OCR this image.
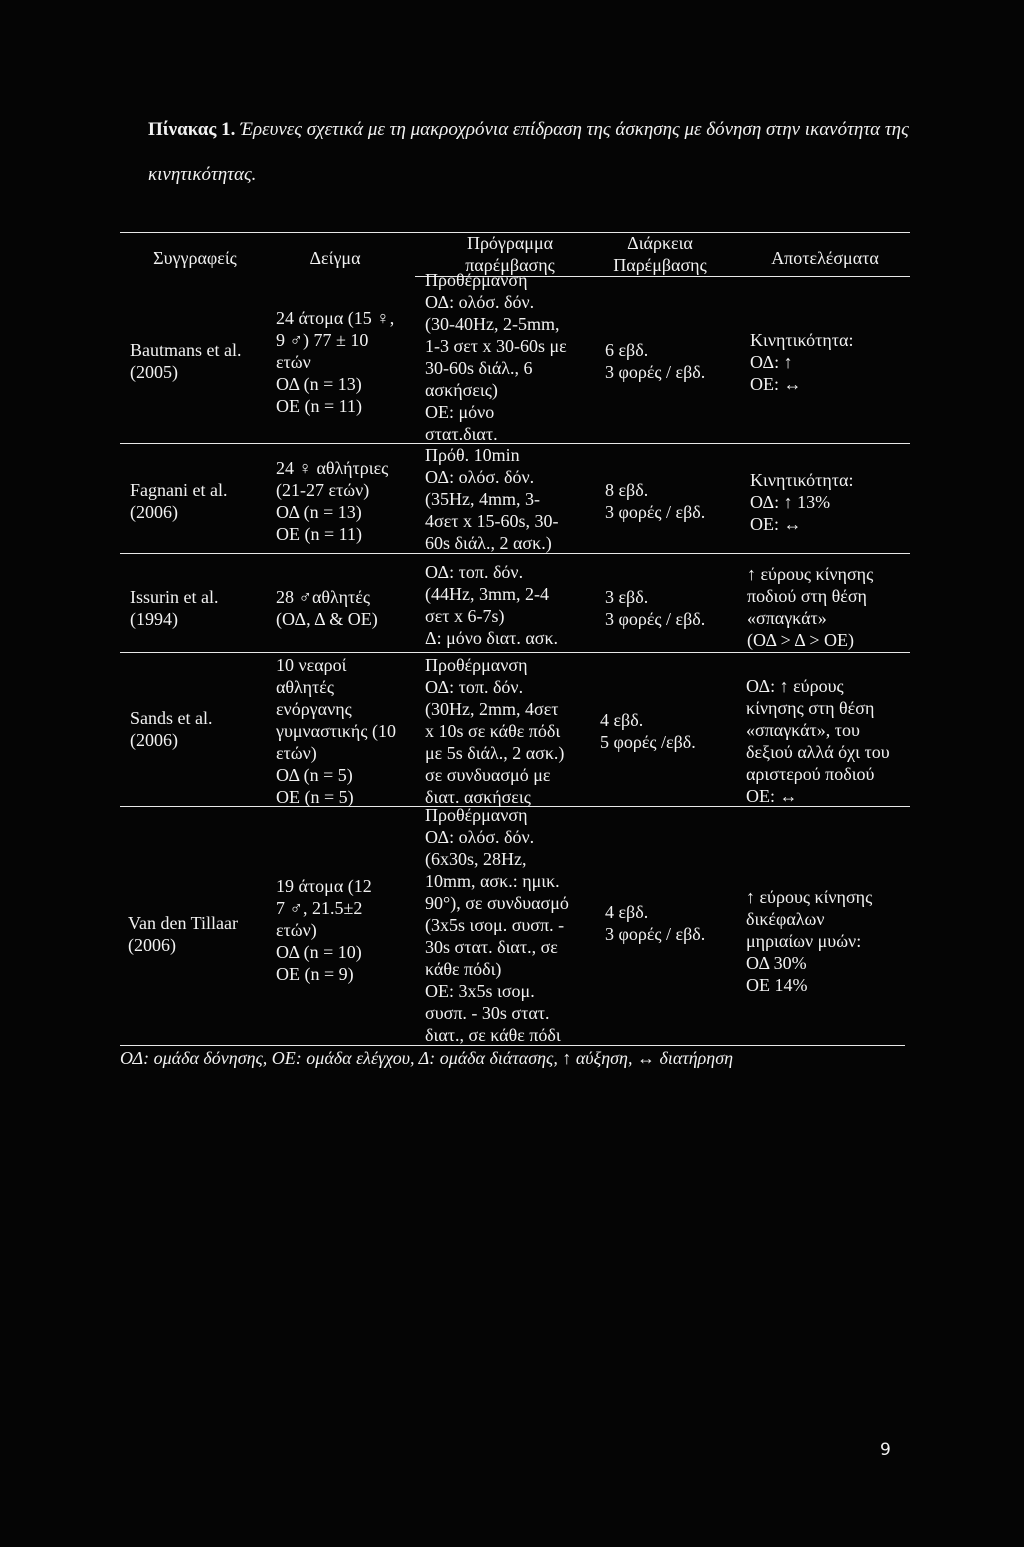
Πίνακας 1. Έρευνες σχετικά με τη μακροχρόνια επίδραση της άσκησης με δόνηση στην ικανότητα της
κινητικότητας.
Συγγραφείς	Δείγμα
Πρόγραμμα
παρέμβασης
Διάρκεια
Παρέμβασης	Αποτελέσματα
Bautmans et al.
(2005)
24 άτομα (15 ♀,
9 ♂) 77 ± 10
ετών
ΟΔ (n = 13)
ΟΕ (n = 11)
Προθέρμανση
ΟΔ: ολόσ. δόν.
(30-40Hz, 2-5mm,
1-3 σετ x 30-60s με
30-60s διάλ., 6
ασκήσεις)
ΟΕ: μόνο
στατ.διατ.
6 εβδ.
3 φορές / εβδ.
Κινητικότητα:
ΟΔ: ↑
ΟΕ: ↔
Fagnani et al.
(2006)
24 ♀ αθλήτριες
(21-27 ετών)
ΟΔ (n = 13)
ΟΕ (n = 11)
Πρόθ. 10min
ΟΔ: ολόσ. δόν.
(35Hz, 4mm, 3-
4σετ x 15-60s, 30-
60s διάλ., 2 ασκ.)
8 εβδ.
3 φορές / εβδ.
Κινητικότητα:
ΟΔ: ↑ 13%
ΟΕ: ↔
Issurin et al.
(1994)
28 ♂αθλητές
(ΟΔ, Δ & ΟΕ)
ΟΔ: τοπ. δόν.
(44Hz, 3mm, 2-4
σετ x 6-7s)
Δ: μόνο διατ. ασκ.
3 εβδ.
3 φορές / εβδ.
↑ εύρους κίνησης
ποδιού στη θέση
«σπαγκάτ»
(ΟΔ > Δ > ΟΕ)
Sands et al.
(2006)
10 νεαροί
αθλητές
ενόργανης
γυμναστικής (10
ετών)
ΟΔ (n = 5)
ΟΕ (n = 5)
Προθέρμανση
ΟΔ: τοπ. δόν.
(30Hz, 2mm, 4σετ
x 10s σε κάθε πόδι
με 5s διάλ., 2 ασκ.)
σε συνδυασμό με
διατ. ασκήσεις
4 εβδ.
5 φορές /εβδ.
ΟΔ: ↑ εύρους
κίνησης στη θέση
«σπαγκάτ», του
δεξιού αλλά όχι του
αριστερού ποδιού
ΟΕ: ↔
Van den Tillaar
(2006)
19 άτομα (12
7 ♂, 21.5±2
ετών)
ΟΔ (n = 10)
ΟΕ (n = 9)
Προθέρμανση
ΟΔ: ολόσ. δόν.
(6x30s, 28Hz,
10mm, ασκ.: ημικ.
90°), σε συνδυασμό
(3x5s ισομ. συσπ. -
30s στατ. διατ., σε
κάθε πόδι)
ΟΕ: 3x5s ισομ.
συσπ. - 30s στατ.
διατ., σε κάθε πόδι
4 εβδ.
3 φορές / εβδ.
↑ εύρους κίνησης
δικέφαλων
μηριαίων μυών:
ΟΔ 30%
ΟΕ 14%
ΟΔ: ομάδα δόνησης, ΟΕ: ομάδα ελέγχου, Δ: ομάδα διάτασης, ↑ αύξηση, ↔ διατήρηση
9
